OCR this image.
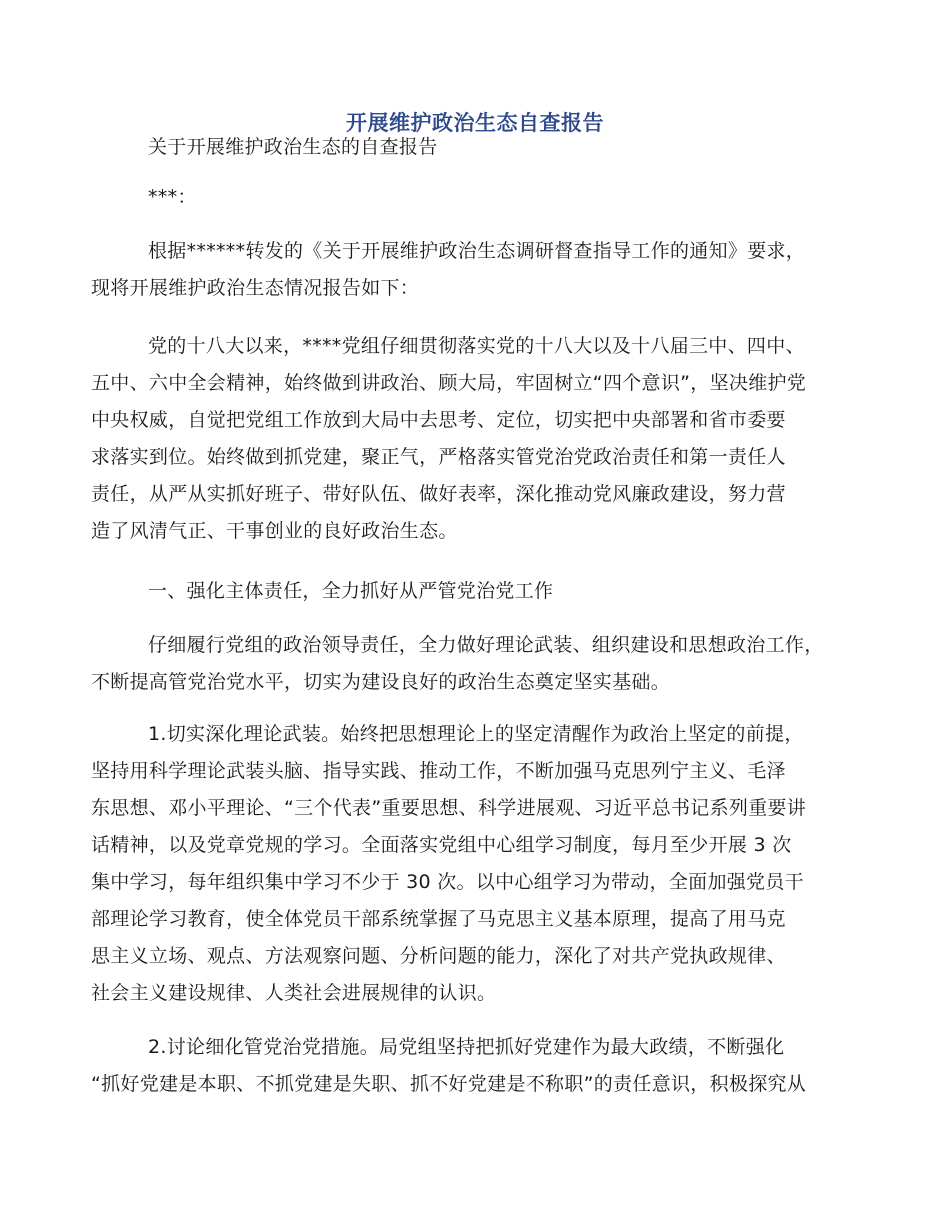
开展维护政治生态自查报告
关于开展维护政治生态的自查报告
***：
根据******转发的《关于开展维护政治生态调研督查指导工作的通知》要求，
现将开展维护政治生态情况报告如下：
党的十八大以来，****党组仔细贯彻落实党的十八大以及十八届三中、四中、
五中、六中全会精神，始终做到讲政治、顾大局，牢固树立“四个意识”，坚决维护党
中央权威，自觉把党组工作放到大局中去思考、定位，切实把中央部署和省市委要
求落实到位。始终做到抓党建，聚正气，严格落实管党治党政治责任和第一责任人
责任，从严从实抓好班子、带好队伍、做好表率，深化推动党风廉政建设，努力营
造了风清气正、干事创业的良好政治生态。
一、强化主体责任，全力抓好从严管党治党工作
仔细履行党组的政治领导责任，全力做好理论武装、组织建设和思想政治工作，
不断提高管党治党水平，切实为建设良好的政治生态奠定坚实基础。
1.切实深化理论武装。始终把思想理论上的坚定清醒作为政治上坚定的前提，
坚持用科学理论武装头脑、指导实践、推动工作，不断加强马克思列宁主义、毛泽
东思想、邓小平理论、“三个代表”重要思想、科学进展观、习近平总书记系列重要讲
话精神，以及党章党规的学习。全面落实党组中心组学习制度，每月至少开展 3 次
集中学习，每年组织集中学习不少于 30 次。以中心组学习为带动，全面加强党员干
部理论学习教育，使全体党员干部系统掌握了马克思主义基本原理，提高了用马克
思主义立场、观点、方法观察问题、分析问题的能力，深化了对共产党执政规律、
社会主义建设规律、人类社会进展规律的认识。
2.讨论细化管党治党措施。局党组坚持把抓好党建作为最大政绩，不断强化
“抓好党建是本职、不抓党建是失职、抓不好党建是不称职”的责任意识，积极探究从
